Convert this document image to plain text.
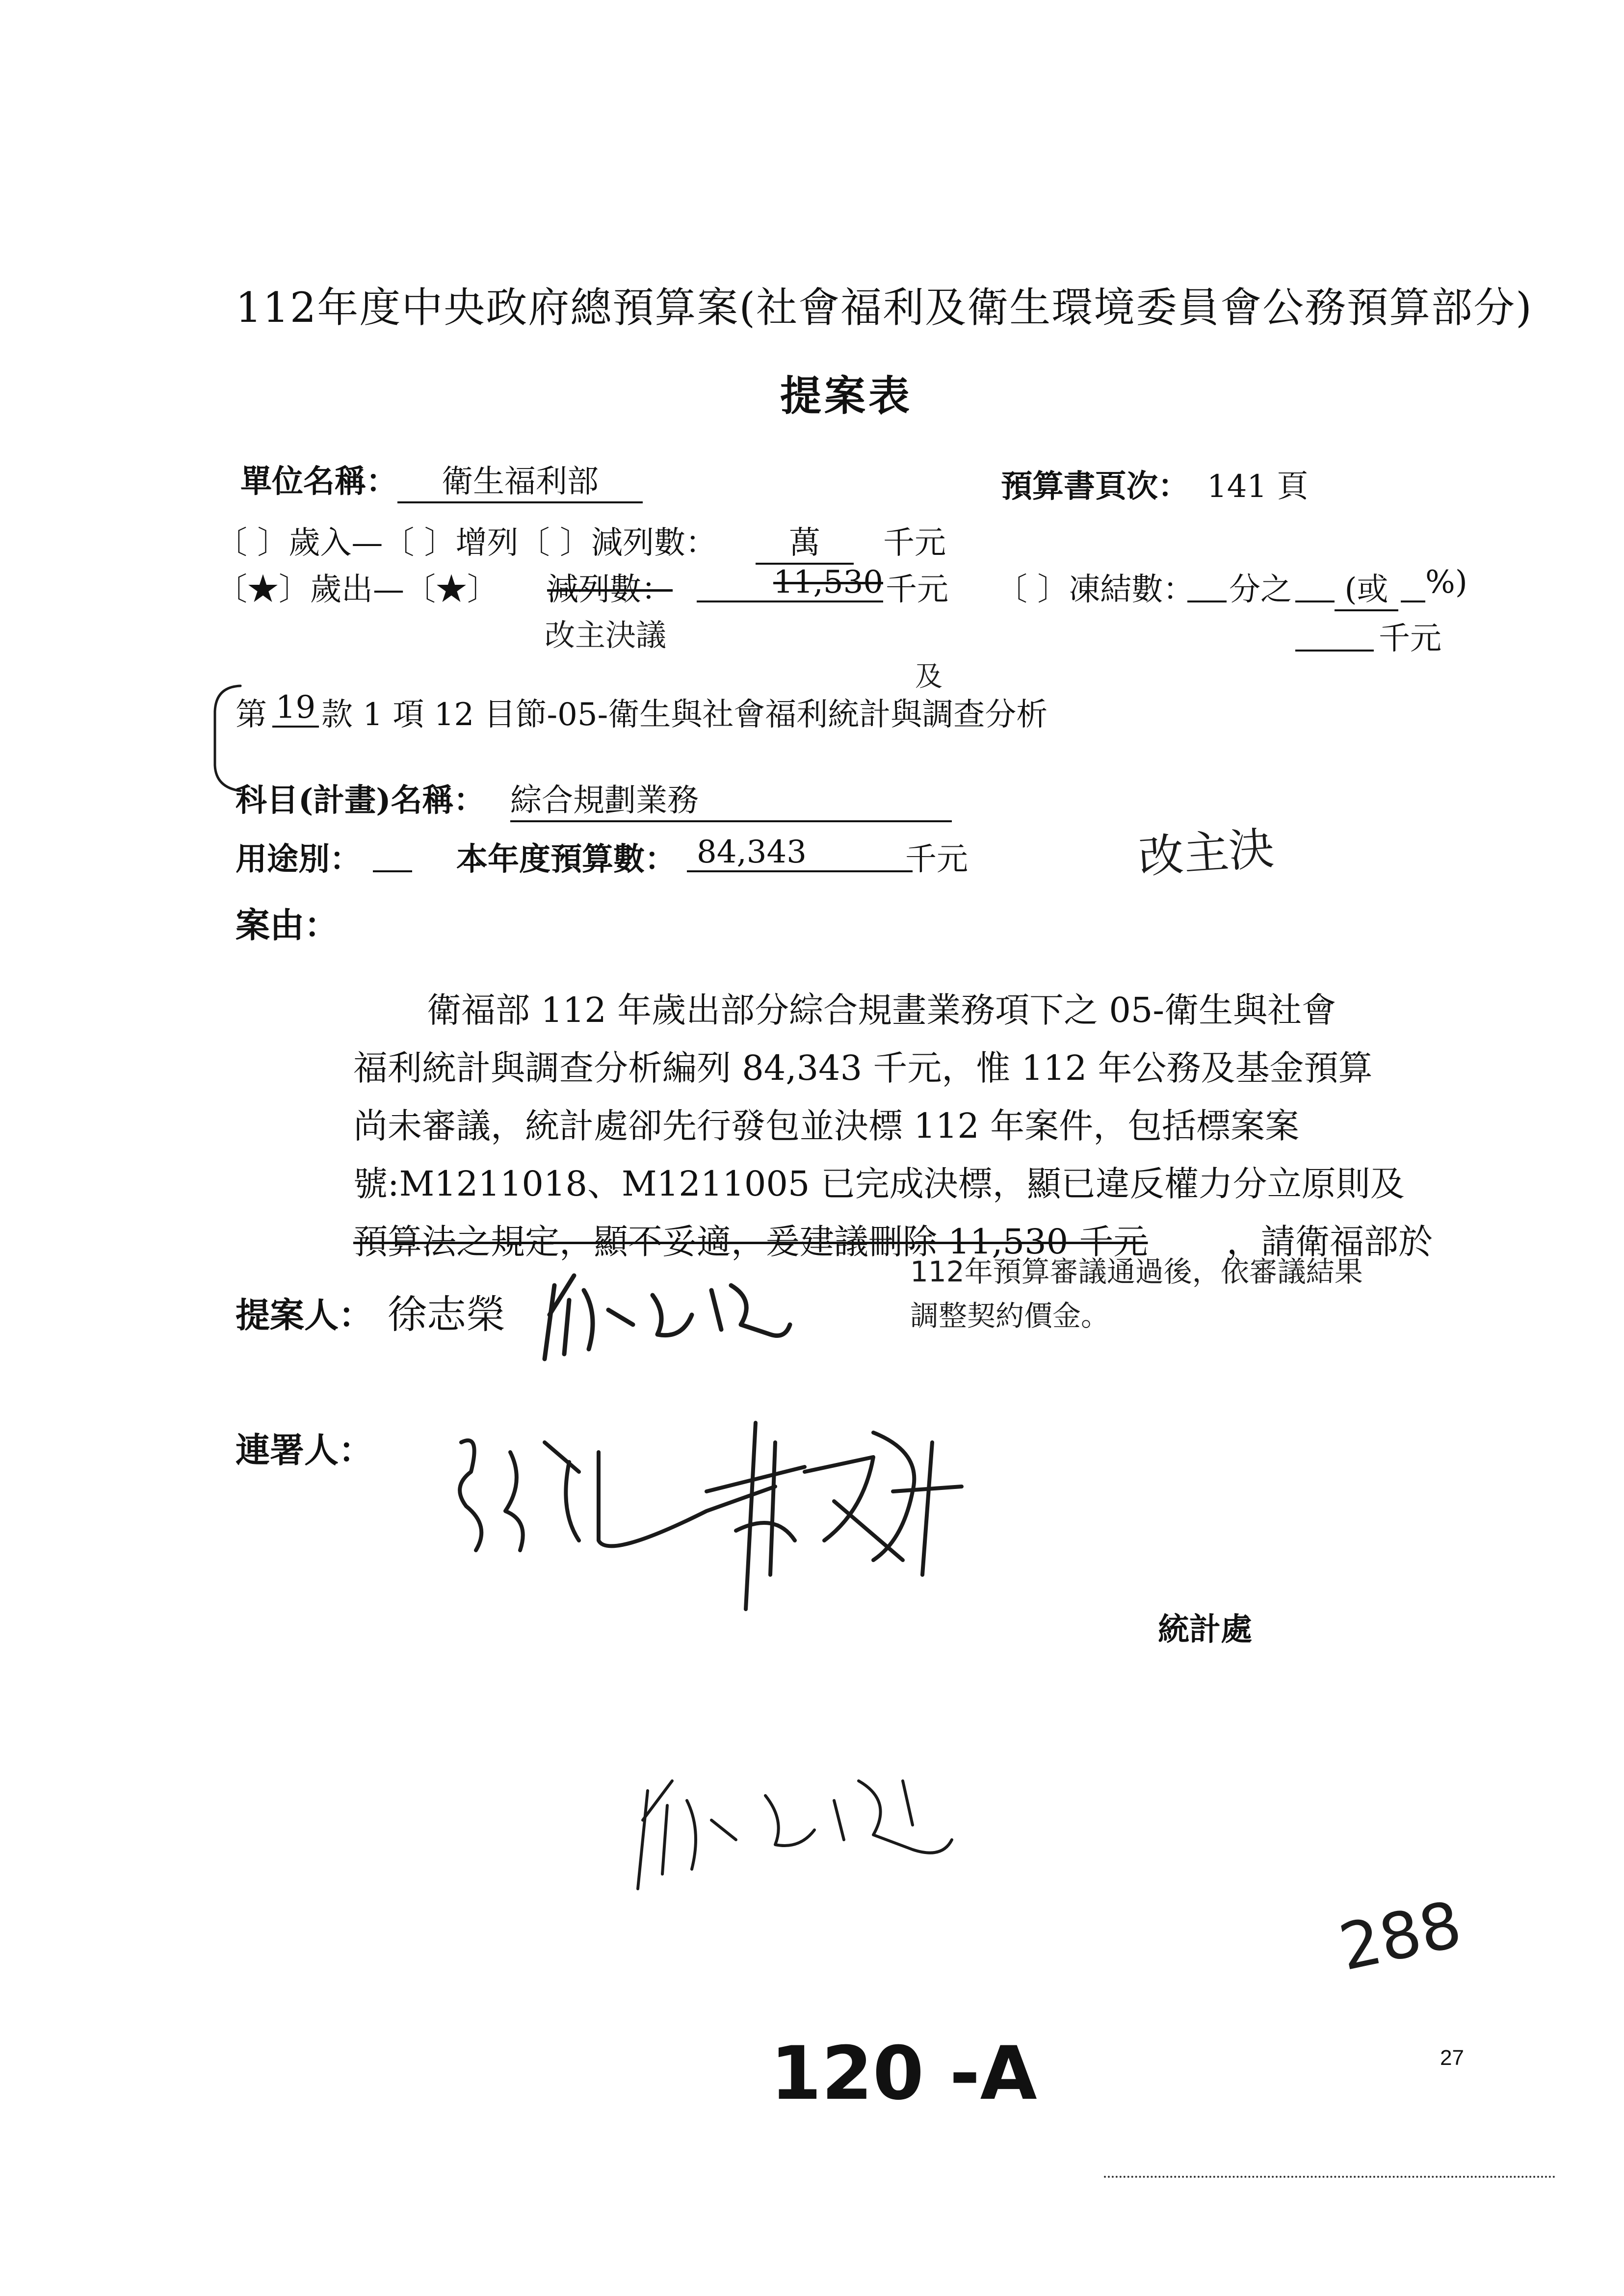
112年度中央政府總預算案(社會福利及衛生環境委員會公務預算部分)
提案表
單位名稱：	衛生福利部	預算書頁次： 141 頁
〔 〕歲入—〔 〕增列〔 〕減列數：	萬	千元
〔★〕歲出—〔★〕 減列數：	11,530 千元 〔 〕凍結數：
分之
	(或
	%)
改主決議
	千元
及
第 19 款 1 項 12 目節-05-衛生與社會福利統計與調查分析
科目(計畫)名稱： 綜合規劃業務
用途別：
	本年度預算數： 84,343	千元	改主決
案由：
衛福部 112 年歲出部分綜合規畫業務項下之 05-衛生與社會
福利統計與調查分析編列 84,343 千元，惟 112 年公務及基金預算
尚未審議，統計處卻先行發包並決標 112 年案件，包括標案案
號:M1211018、M1211005 已完成決標，顯已違反權力分立原則及
預算法之規定，顯不妥適，爰建議刪除 11,530 千元 ，請衛福部於
112年預算審議通過後，依審議結果
調整契約價金。
提案人： 徐志榮
連署人：
統計處
288
120 -A	27
